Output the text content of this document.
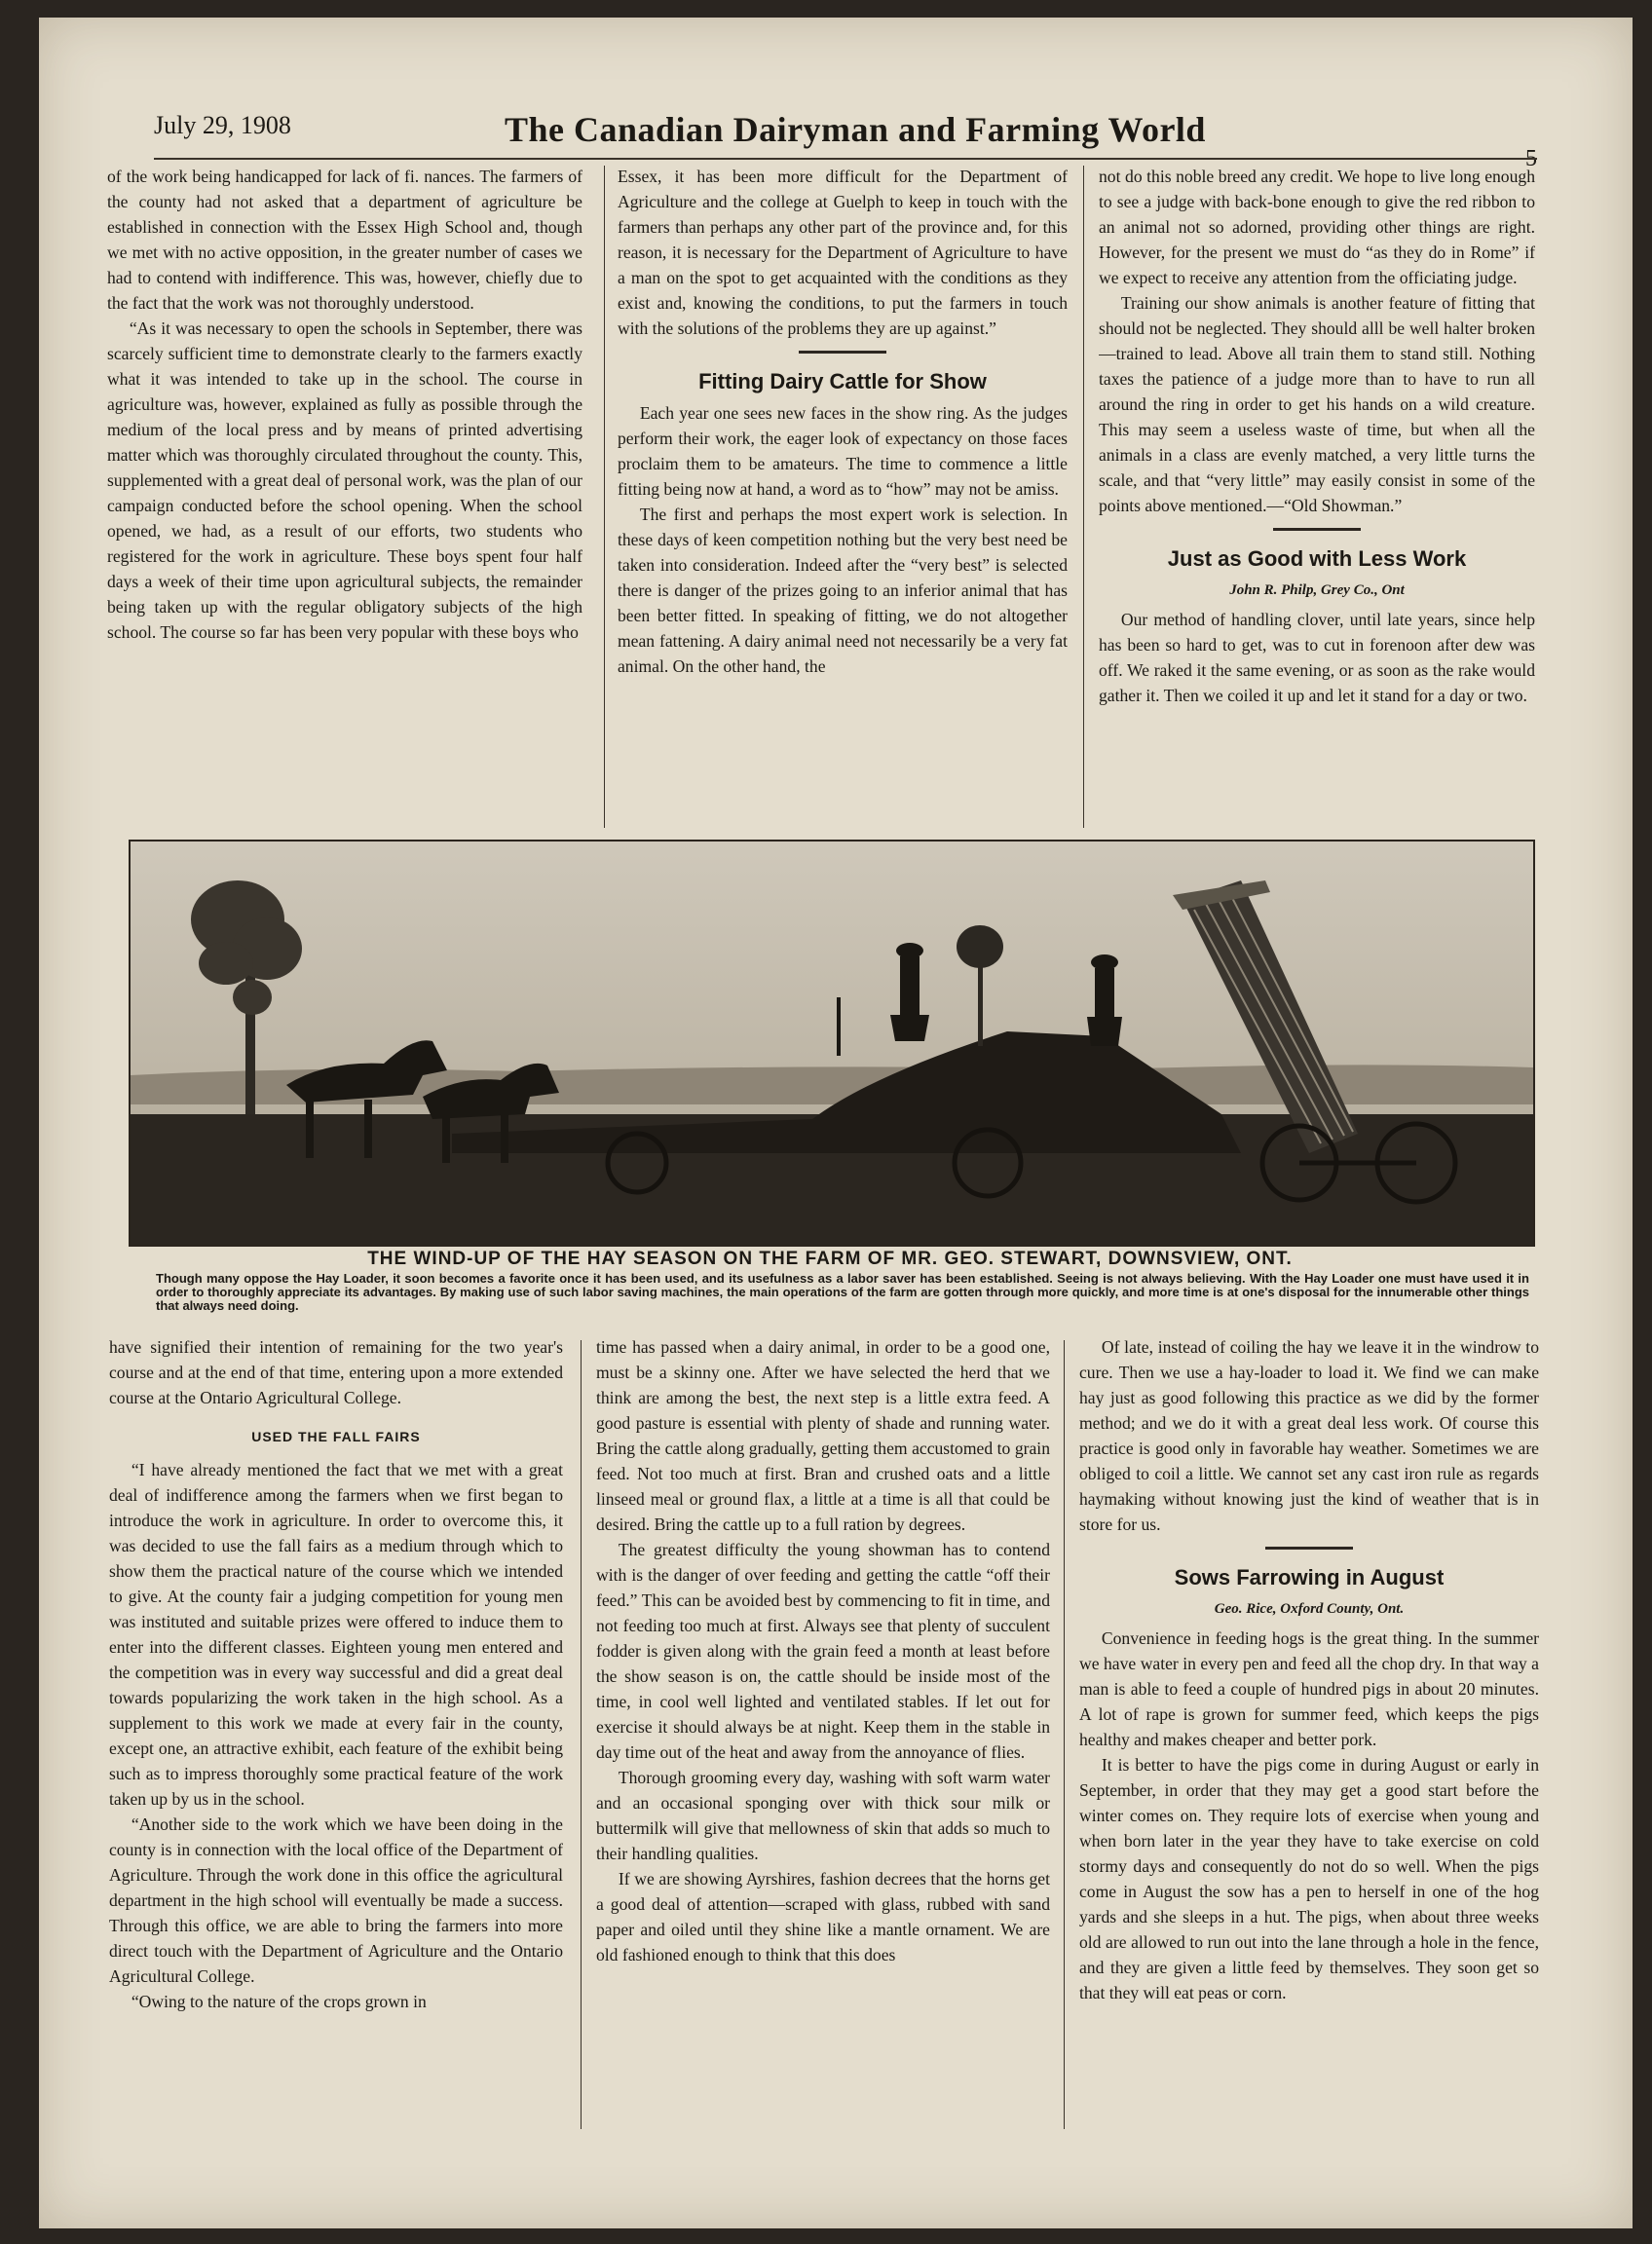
July 29, 1908	The Canadian Dairyman and Farming World

of the work being handicapped for lack of fi. nances. The farmers of the county had not asked that a department of agriculture be established in connection with the Essex High School and, though we met with no active opposition, in the greater number of cases we had to contend with indifference. This was, however, chiefly due to the fact that the work was not thoroughly understood.

“As it was necessary to open the schools in September, there was scarcely sufficient time to demonstrate clearly to the farmers exactly what it was intended to take up in the school. The course in agriculture was, however, explained as fully as possible through the medium of the local press and by means of printed advertising matter which was thoroughly circulated throughout the county. This, supplemented with a great deal of personal work, was the plan of our campaign conducted before the school opening. When the school opened, we had, as a result of our efforts, two students who registered for the work in agriculture. These boys spent four half days a week of their time upon agricultural subjects, the remainder being taken up with the regular obligatory subjects of the high school. The course so far has been very popular with these boys who

Essex, it has been more difficult for the Department of Agriculture and the college at Guelph to keep in touch with the farmers than perhaps any other part of the province and, for this reason, it is necessary for the Department of Agriculture to have a man on the spot to get acquainted with the conditions as they exist and, knowing the conditions, to put the farmers in touch with the solutions of the problems they are up against.”

Fitting Dairy Cattle for Show

Each year one sees new faces in the show ring. As the judges perform their work, the eager look of expectancy on those faces proclaim them to be amateurs. The time to commence a little fitting being now at hand, a word as to “how” may not be amiss.

The first and perhaps the most expert work is selection. In these days of keen competition nothing but the very best need be taken into consideration. Indeed after the “very best” is selected there is danger of the prizes going to an inferior animal that has been better fitted. In speaking of fitting, we do not altogether mean fattening. A dairy animal need not necessarily be a very fat animal. On the other hand, the

not do this noble breed any credit. We hope to live long enough to see a judge with back-bone enough to give the red ribbon to an animal not so adorned, providing other things are right. However, for the present we must do “as they do in Rome” if we expect to receive any attention from the officiating judge.

Training our show animals is another feature of fitting that should not be neglected. They should alll be well halter broken—trained to lead. Above all train them to stand still. Nothing taxes the patience of a judge more than to have to run all around the ring in order to get his hands on a wild creature. This may seem a useless waste of time, but when all the animals in a class are evenly matched, a very little turns the scale, and that “very little” may easily consist in some of the points above mentioned.—“Old Showman.”

Just as Good with Less Work

John R. Philp, Grey Co., Ont

Our method of handling clover, until late years, since help has been so hard to get, was to cut in forenoon after dew was off. We raked it the same evening, or as soon as the rake would gather it. Then we coiled it up and let it stand for a day or two.

THE WIND-UP OF THE HAY SEASON ON THE FARM OF MR. GEO. STEWART, DOWNSVIEW, ONT.
Though many oppose the Hay Loader, it soon becomes a favorite once it has been used, and its usefulness as a labor saver has been established. Seeing is not always believing. With the Hay Loader one must have used it in order to thoroughly appreciate its advantages. By making use of such labor saving machines, the main operations of the farm are gotten through more quickly, and more time is at one's disposal for the innumerable other things that always need doing.

have signified their intention of remaining for the two year's course and at the end of that time, entering upon a more extended course at the Ontario Agricultural College.

USED THE FALL FAIRS

“I have already mentioned the fact that we met with a great deal of indifference among the farmers when we first began to introduce the work in agriculture. In order to overcome this, it was decided to use the fall fairs as a medium through which to show them the practical nature of the course which we intended to give. At the county fair a judging competition for young men was instituted and suitable prizes were offered to induce them to enter into the different classes. Eighteen young men entered and the competition was in every way successful and did a great deal towards popularizing the work taken in the high school. As a supplement to this work we made at every fair in the county, except one, an attractive exhibit, each feature of the exhibit being such as to impress thoroughly some practical feature of the work taken up by us in the school.

“Another side to the work which we have been doing in the county is in connection with the local office of the Department of Agriculture. Through the work done in this office the agricultural department in the high school will eventually be made a success. Through this office, we are able to bring the farmers into more direct touch with the Department of Agriculture and the Ontario Agricultural College.

“Owing to the nature of the crops grown in

time has passed when a dairy animal, in order to be a good one, must be a skinny one. After we have selected the herd that we think are among the best, the next step is a little extra feed. A good pasture is essential with plenty of shade and running water. Bring the cattle along gradually, getting them accustomed to grain feed. Not too much at first. Bran and crushed oats and a little linseed meal or ground flax, a little at a time is all that could be desired. Bring the cattle up to a full ration by degrees.

The greatest difficulty the young showman has to contend with is the danger of over feeding and getting the cattle “off their feed.” This can be avoided best by commencing to fit in time, and not feeding too much at first. Always see that plenty of succulent fodder is given along with the grain feed a month at least before the show season is on, the cattle should be inside most of the time, in cool well lighted and ventilated stables. If let out for exercise it should always be at night. Keep them in the stable in day time out of the heat and away from the annoyance of flies.

Thorough grooming every day, washing with soft warm water and an occasional sponging over with thick sour milk or buttermilk will give that mellowness of skin that adds so much to their handling qualities.

If we are showing Ayrshires, fashion decrees that the horns get a good deal of attention—scraped with glass, rubbed with sand paper and oiled until they shine like a mantle ornament. We are old fashioned enough to think that this does

Of late, instead of coiling the hay we leave it in the windrow to cure. Then we use a hay-loader to load it. We find we can make hay just as good following this practice as we did by the former method; and we do it with a great deal less work. Of course this practice is good only in favorable hay weather. Sometimes we are obliged to coil a little. We cannot set any cast iron rule as regards haymaking without knowing just the kind of weather that is in store for us.

Sows Farrowing in August

Geo. Rice, Oxford County, Ont.

Convenience in feeding hogs is the great thing. In the summer we have water in every pen and feed all the chop dry. In that way a man is able to feed a couple of hundred pigs in about 20 minutes. A lot of rape is grown for summer feed, which keeps the pigs healthy and makes cheaper and better pork.

It is better to have the pigs come in during August or early in September, in order that they may get a good start before the winter comes on. They require lots of exercise when young and when born later in the year they have to take exercise on cold stormy days and consequently do not do so well. When the pigs come in August the sow has a pen to herself in one of the hog yards and she sleeps in a hut. The pigs, when about three weeks old are allowed to run out into the lane through a hole in the fence, and they are given a little feed by themselves. They soon get so that they will eat peas or corn.
